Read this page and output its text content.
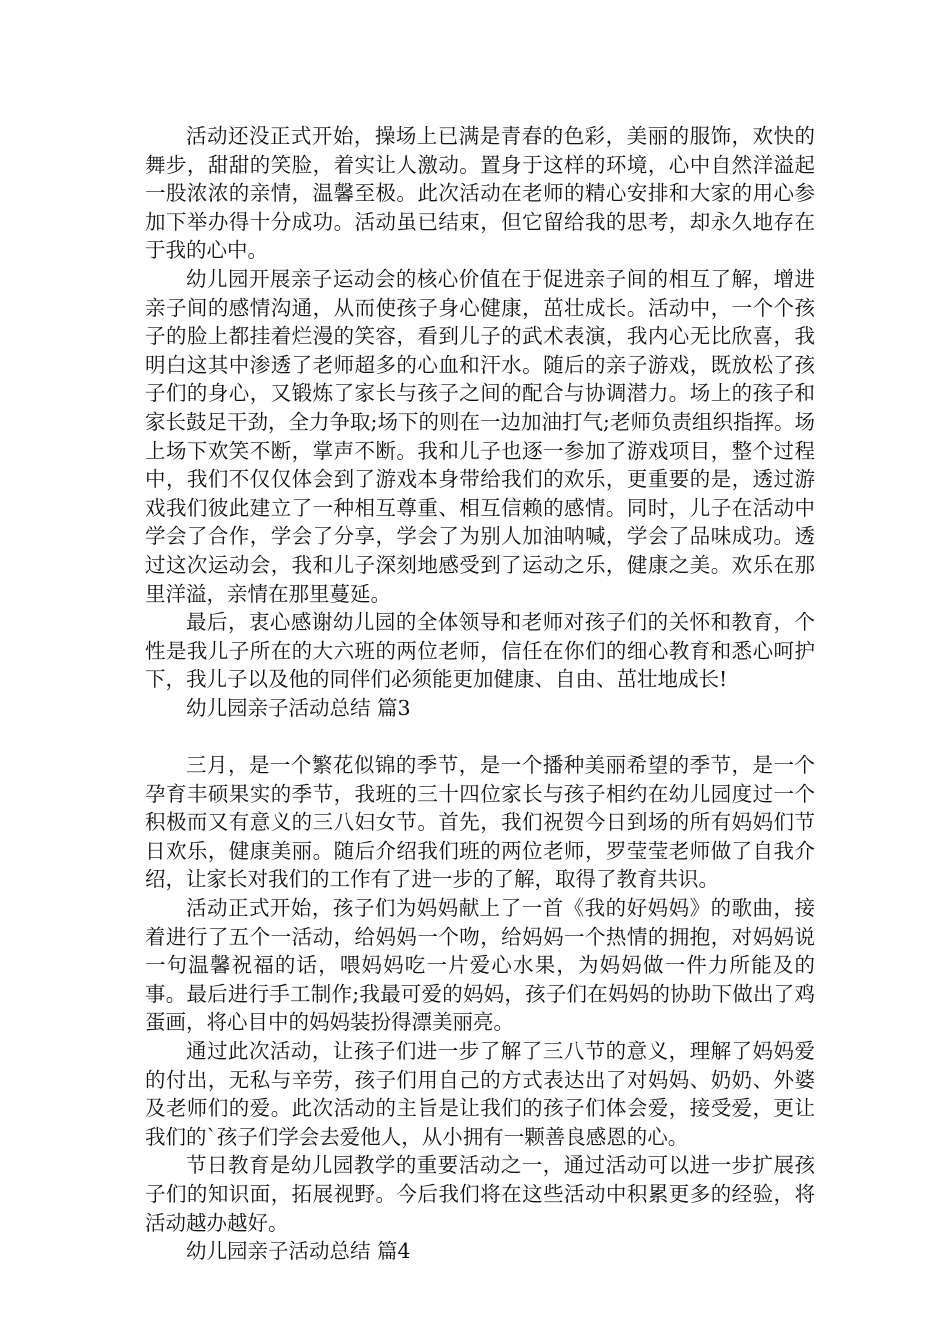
活动还没正式开始，操场上已满是青春的色彩，美丽的服饰，欢快的舞步，甜甜的笑脸，着实让人激动。置身于这样的环境，心中自然洋溢起一股浓浓的亲情，温馨至极。此次活动在老师的精心安排和大家的用心参加下举办得十分成功。活动虽已结束，但它留给我的思考，却永久地存在于我的心中。

幼儿园开展亲子运动会的核心价值在于促进亲子间的相互了解，增进亲子间的感情沟通，从而使孩子身心健康，茁壮成长。活动中，一个个孩子的脸上都挂着烂漫的笑容，看到儿子的武术表演，我内心无比欣喜，我明白这其中渗透了老师超多的心血和汗水。随后的亲子游戏，既放松了孩子们的身心，又锻炼了家长与孩子之间的配合与协调潜力。场上的孩子和家长鼓足干劲，全力争取;场下的则在一边加油打气;老师负责组织指挥。场上场下欢笑不断，掌声不断。我和儿子也逐一参加了游戏项目，整个过程中，我们不仅仅体会到了游戏本身带给我们的欢乐，更重要的是，透过游戏我们彼此建立了一种相互尊重、相互信赖的感情。同时，儿子在活动中学会了合作，学会了分享，学会了为别人加油呐喊，学会了品味成功。透过这次运动会，我和儿子深刻地感受到了运动之乐，健康之美。欢乐在那里洋溢，亲情在那里蔓延。

最后，衷心感谢幼儿园的全体领导和老师对孩子们的关怀和教育，个性是我儿子所在的大六班的两位老师，信任在你们的细心教育和悉心呵护下，我儿子以及他的同伴们必须能更加健康、自由、茁壮地成长!

幼儿园亲子活动总结 篇3

三月，是一个繁花似锦的季节，是一个播种美丽希望的季节，是一个孕育丰硕果实的季节，我班的三十四位家长与孩子相约在幼儿园度过一个积极而又有意义的三八妇女节。首先，我们祝贺今日到场的所有妈妈们节日欢乐，健康美丽。随后介绍我们班的两位老师，罗莹莹老师做了自我介绍，让家长对我们的工作有了进一步的了解，取得了教育共识。

活动正式开始，孩子们为妈妈献上了一首《我的好妈妈》的歌曲，接着进行了五个一活动，给妈妈一个吻，给妈妈一个热情的拥抱，对妈妈说一句温馨祝福的话，喂妈妈吃一片爱心水果，为妈妈做一件力所能及的事。最后进行手工制作;我最可爱的妈妈，孩子们在妈妈的协助下做出了鸡蛋画，将心目中的妈妈装扮得漂美丽亮。

通过此次活动，让孩子们进一步了解了三八节的意义，理解了妈妈爱的付出，无私与辛劳，孩子们用自己的方式表达出了对妈妈、奶奶、外婆及老师们的爱。此次活动的主旨是让我们的孩子们体会爱，接受爱，更让我们的`孩子们学会去爱他人，从小拥有一颗善良感恩的心。

节日教育是幼儿园教学的重要活动之一，通过活动可以进一步扩展孩子们的知识面，拓展视野。今后我们将在这些活动中积累更多的经验，将活动越办越好。

幼儿园亲子活动总结 篇4
